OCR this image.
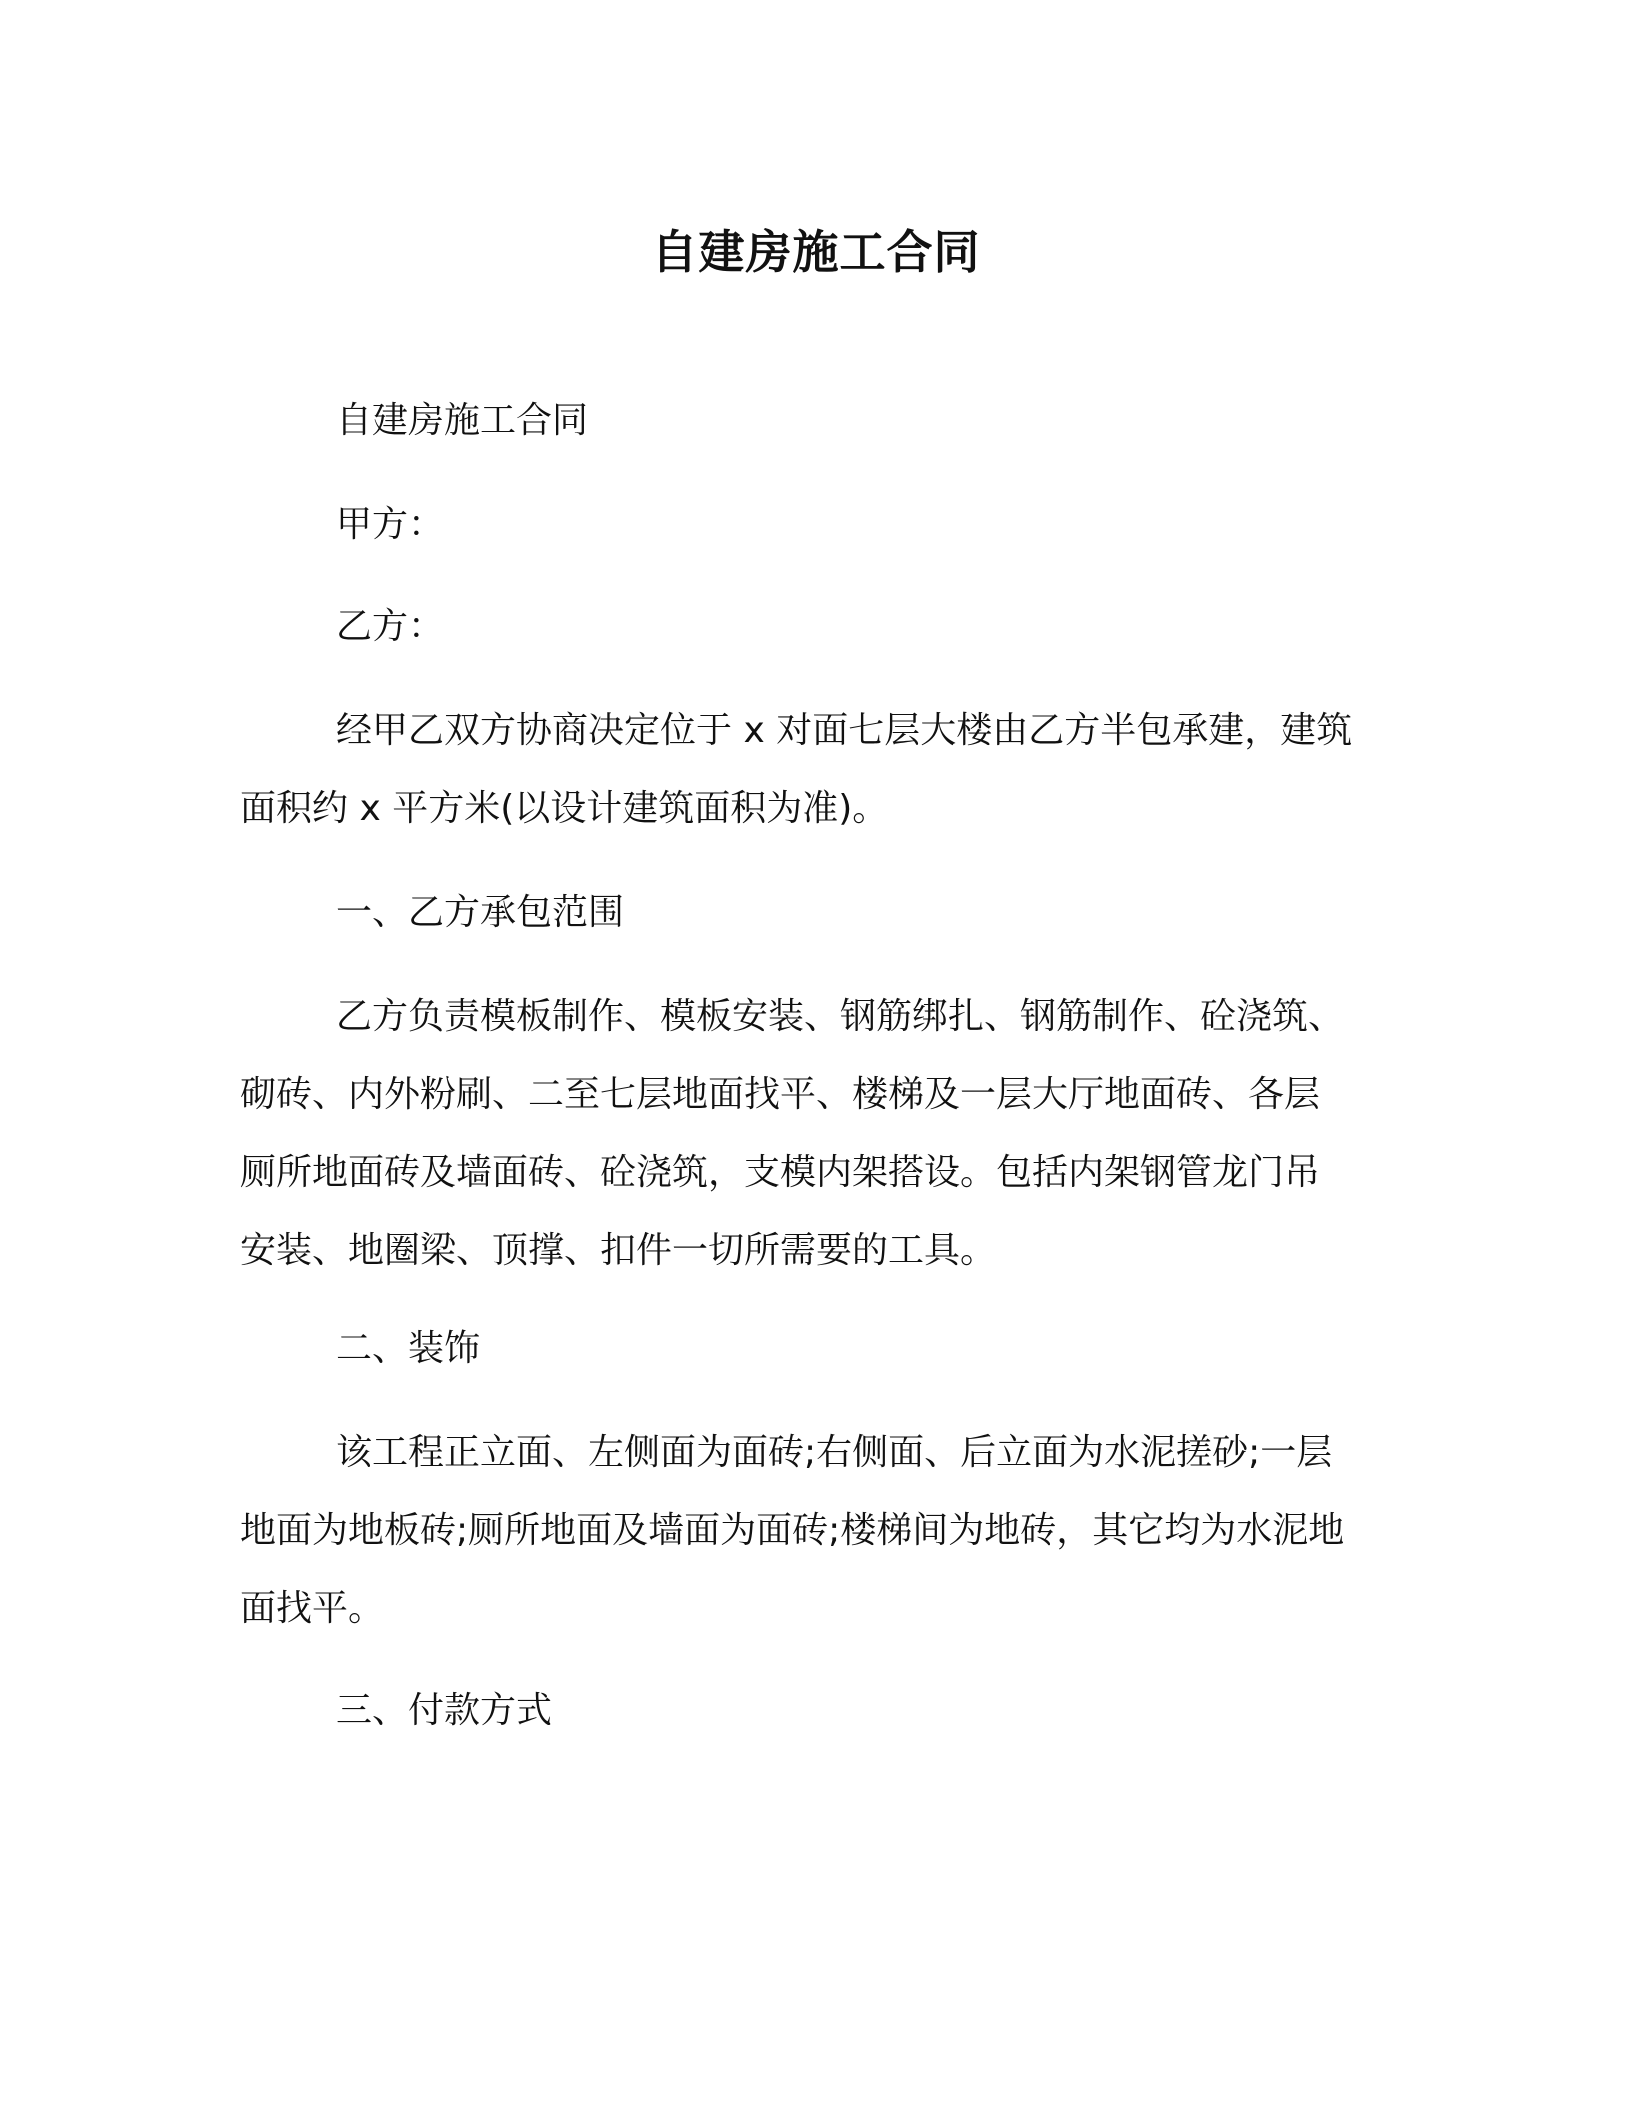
自建房施工合同
自建房施工合同
甲方：
乙方：
经甲乙双方协商决定位于 x 对面七层大楼由乙方半包承建，建筑
面积约 x 平方米(以设计建筑面积为准)。
一、乙方承包范围
乙方负责模板制作、模板安装、钢筋绑扎、钢筋制作、砼浇筑、
砌砖、内外粉刷、二至七层地面找平、楼梯及一层大厅地面砖、各层
厕所地面砖及墙面砖、砼浇筑，支模内架搭设。包括内架钢管龙门吊
安装、地圈梁、顶撑、扣件一切所需要的工具。
二、装饰
该工程正立面、左侧面为面砖;右侧面、后立面为水泥搓砂;一层
地面为地板砖;厕所地面及墙面为面砖;楼梯间为地砖，其它均为水泥地
面找平。
三、付款方式
